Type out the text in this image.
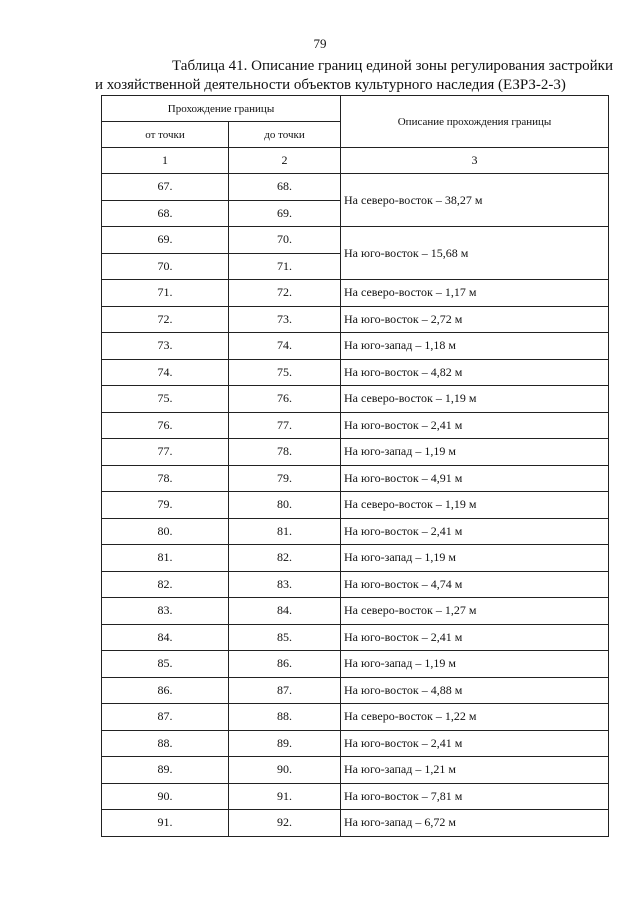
79
Таблица 41. Описание границ единой зоны регулирования застройки
и хозяйственной деятельности объектов культурного наследия (ЕЗРЗ-2-3)
Прохождение границы		Описание прохождения границы
от точки	до точки	
1	2	3
67.	68.	На северо-восток – 38,27 м
68.	69.	
69.	70.	На юго-восток – 15,68 м
70.	71.	
71.	72.	На северо-восток – 1,17 м
72.	73.	На юго-восток – 2,72 м
73.	74.	На юго-запад – 1,18 м
74.	75.	На юго-восток – 4,82 м
75.	76.	На северо-восток – 1,19 м
76.	77.	На юго-восток – 2,41 м
77.	78.	На юго-запад – 1,19 м
78.	79.	На юго-восток – 4,91 м
79.	80.	На северо-восток – 1,19 м
80.	81.	На юго-восток – 2,41 м
81.	82.	На юго-запад – 1,19 м
82.	83.	На юго-восток – 4,74 м
83.	84.	На северо-восток – 1,27 м
84.	85.	На юго-восток – 2,41 м
85.	86.	На юго-запад – 1,19 м
86.	87.	На юго-восток – 4,88 м
87.	88.	На северо-восток – 1,22 м
88.	89.	На юго-восток – 2,41 м
89.	90.	На юго-запад – 1,21 м
90.	91.	На юго-восток – 7,81 м
91.	92.	На юго-запад – 6,72 м
